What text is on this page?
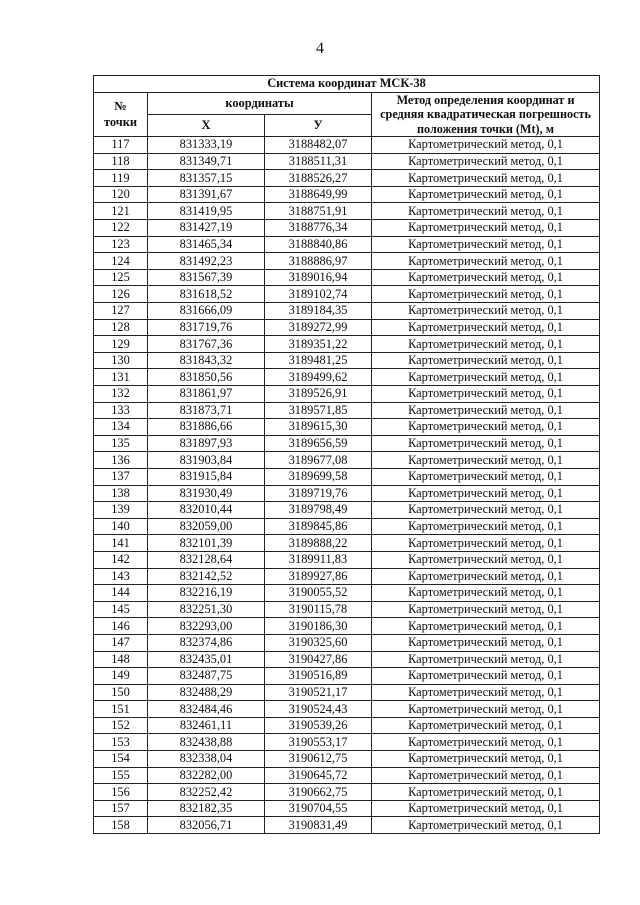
4
Система координат МСК-38			
№ точки	координаты		Метод определения координат и средняя квадратическая погрешность положения точки (Мt), м
	Х	У	
117	831333,19	3188482,07	Картометрический метод, 0,1
118	831349,71	3188511,31	Картометрический метод, 0,1
119	831357,15	3188526,27	Картометрический метод, 0,1
120	831391,67	3188649,99	Картометрический метод, 0,1
121	831419,95	3188751,91	Картометрический метод, 0,1
122	831427,19	3188776,34	Картометрический метод, 0,1
123	831465,34	3188840,86	Картометрический метод, 0,1
124	831492,23	3188886,97	Картометрический метод, 0,1
125	831567,39	3189016,94	Картометрический метод, 0,1
126	831618,52	3189102,74	Картометрический метод, 0,1
127	831666,09	3189184,35	Картометрический метод, 0,1
128	831719,76	3189272,99	Картометрический метод, 0,1
129	831767,36	3189351,22	Картометрический метод, 0,1
130	831843,32	3189481,25	Картометрический метод, 0,1
131	831850,56	3189499,62	Картометрический метод, 0,1
132	831861,97	3189526,91	Картометрический метод, 0,1
133	831873,71	3189571,85	Картометрический метод, 0,1
134	831886,66	3189615,30	Картометрический метод, 0,1
135	831897,93	3189656,59	Картометрический метод, 0,1
136	831903,84	3189677,08	Картометрический метод, 0,1
137	831915,84	3189699,58	Картометрический метод, 0,1
138	831930,49	3189719,76	Картометрический метод, 0,1
139	832010,44	3189798,49	Картометрический метод, 0,1
140	832059,00	3189845,86	Картометрический метод, 0,1
141	832101,39	3189888,22	Картометрический метод, 0,1
142	832128,64	3189911,83	Картометрический метод, 0,1
143	832142,52	3189927,86	Картометрический метод, 0,1
144	832216,19	3190055,52	Картометрический метод, 0,1
145	832251,30	3190115,78	Картометрический метод, 0,1
146	832293,00	3190186,30	Картометрический метод, 0,1
147	832374,86	3190325,60	Картометрический метод, 0,1
148	832435,01	3190427,86	Картометрический метод, 0,1
149	832487,75	3190516,89	Картометрический метод, 0,1
150	832488,29	3190521,17	Картометрический метод, 0,1
151	832484,46	3190524,43	Картометрический метод, 0,1
152	832461,11	3190539,26	Картометрический метод, 0,1
153	832438,88	3190553,17	Картометрический метод, 0,1
154	832338,04	3190612,75	Картометрический метод, 0,1
155	832282,00	3190645,72	Картометрический метод, 0,1
156	832252,42	3190662,75	Картометрический метод, 0,1
157	832182,35	3190704,55	Картометрический метод, 0,1
158	832056,71	3190831,49	Картометрический метод, 0,1
